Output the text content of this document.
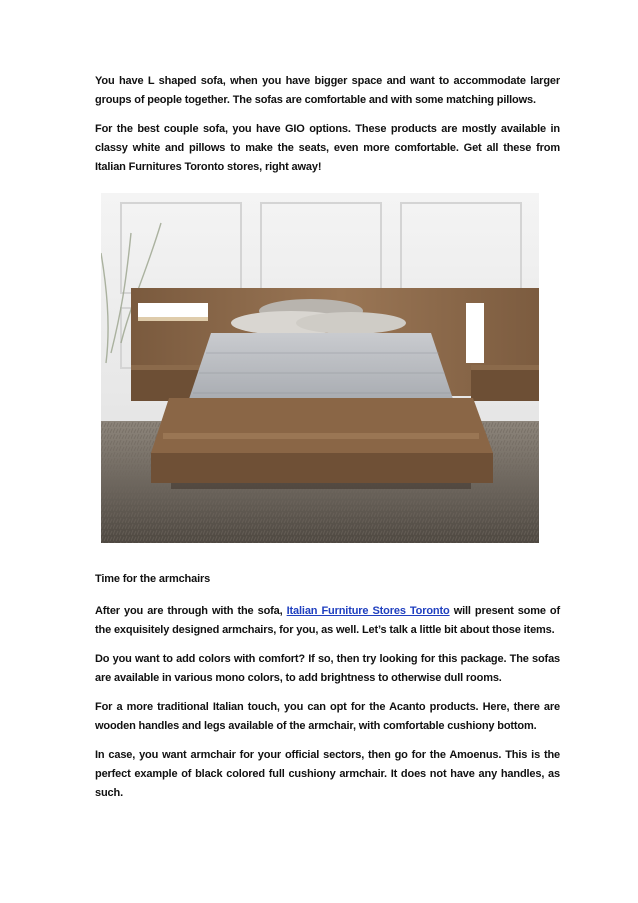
You have L shaped sofa, when you have bigger space and want to accommodate larger groups of people together. The sofas are comfortable and with some matching pillows.

For the best couple sofa, you have GIO options. These products are mostly available in classy white and pillows to make the seats, even more comfortable. Get all these from Italian Furnitures Toronto stores, right away!

Time for the armchairs

After you are through with the sofa, Italian Furniture Stores Toronto will present some of the exquisitely designed armchairs, for you, as well. Let’s talk a little bit about those items.

Do you want to add colors with comfort? If so, then try looking for this package. The sofas are available in various mono colors, to add brightness to otherwise dull rooms.

For a more traditional Italian touch, you can opt for the Acanto products. Here, there are wooden handles and legs available of the armchair, with comfortable cushiony bottom.

In case, you want armchair for your official sectors, then go for the Amoenus. This is the perfect example of black colored full cushiony armchair. It does not have any handles, as such.
